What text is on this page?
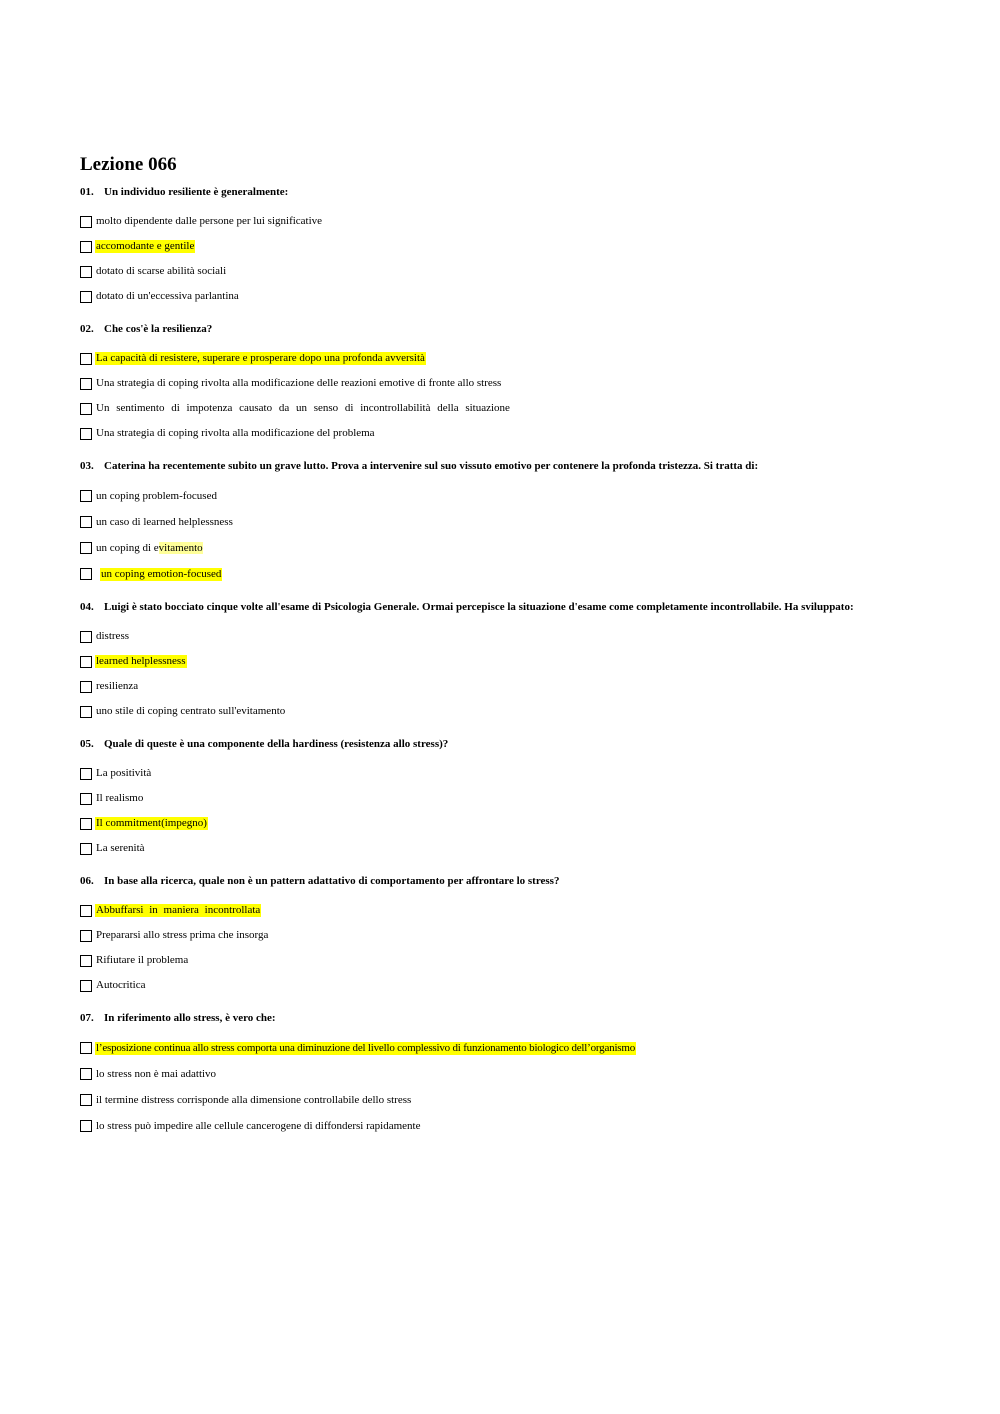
Lezione 066
01. Un individuo resiliente è generalmente:
molto dipendente dalle persone per lui significative
accomodante e gentile
dotato di scarse abilità sociali
dotato di un'eccessiva parlantina
02. Che cos'è la resilienza?
La capacità di resistere, superare e prosperare dopo una profonda avversità
Una strategia di coping rivolta alla modificazione delle reazioni emotive di fronte allo stress
Un sentimento di impotenza causato da un senso di incontrollabilità della situazione
Una strategia di coping rivolta alla modificazione del problema
03. Caterina ha recentemente subito un grave lutto. Prova a intervenire sul suo vissuto emotivo per contenere la profonda tristezza. Si tratta di:
un coping problem-focused
un caso di learned helplessness
un coping di evitamento
un coping emotion-focused
04. Luigi è stato bocciato cinque volte all'esame di Psicologia Generale. Ormai percepisce la situazione d'esame come completamente incontrollabile. Ha sviluppato:
distress
learned helplessness
resilienza
uno stile di coping centrato sull'evitamento
05. Quale di queste è una componente della hardiness (resistenza allo stress)?
La positività
Il realismo
Il commitment(impegno)
La serenità
06. In base alla ricerca, quale non è un pattern adattativo di comportamento per affrontare lo stress?
Abbuffarsi in maniera incontrollata
Prepararsi allo stress prima che insorga
Rifiutare il problema
Autocritica
07. In riferimento allo stress, è vero che:
l’esposizione continua allo stress comporta una diminuzione del livello complessivo di funzionamento biologico dell’organismo
lo stress non è mai adattivo
il termine distress corrisponde alla dimensione controllabile dello stress
lo stress può impedire alle cellule cancerogene di diffondersi rapidamente
